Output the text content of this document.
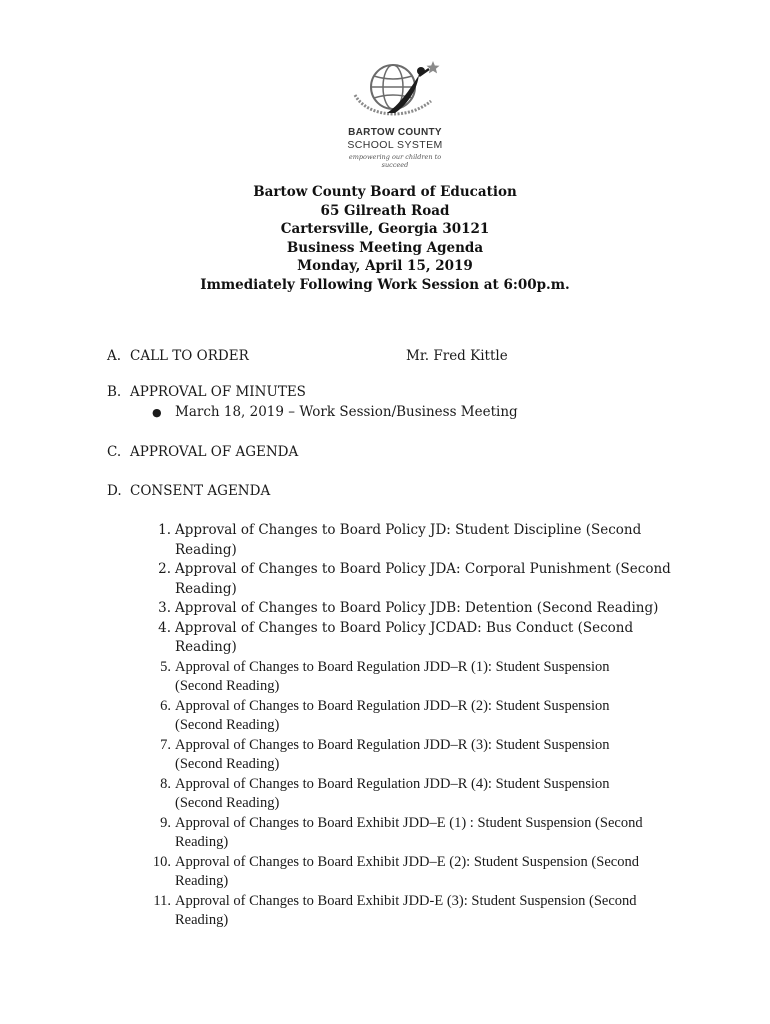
BARTOW COUNTY
SCHOOL SYSTEM
empowering our children to succeed
Bartow County Board of Education
65 Gilreath Road
Cartersville, Georgia 30121
Business Meeting Agenda
Monday, April 15, 2019
Immediately Following Work Session at 6:00p.m.
A. CALL TO ORDER	Mr. Fred Kittle
B. APPROVAL OF MINUTES
● March 18, 2019 – Work Session/Business Meeting
C. APPROVAL OF AGENDA
D. CONSENT AGENDA
1. Approval of Changes to Board Policy JD: Student Discipline (Second
Reading)
2. Approval of Changes to Board Policy JDA: Corporal Punishment (Second
Reading)
3. Approval of Changes to Board Policy JDB: Detention (Second Reading)
4. Approval of Changes to Board Policy JCDAD: Bus Conduct (Second Reading)
5. Approval of Changes to Board Regulation JDD–R (1): Student Suspension
(Second Reading)
6. Approval of Changes to Board Regulation JDD–R (2): Student Suspension
(Second Reading)
7. Approval of Changes to Board Regulation JDD–R (3): Student Suspension
(Second Reading)
8. Approval of Changes to Board Regulation JDD–R (4): Student Suspension
(Second Reading)
9. Approval of Changes to Board Exhibit JDD–E (1) : Student Suspension (Second
Reading)
10. Approval of Changes to Board Exhibit JDD–E (2): Student Suspension (Second
Reading)
11. Approval of Changes to Board Exhibit JDD-E (3): Student Suspension (Second
Reading)
